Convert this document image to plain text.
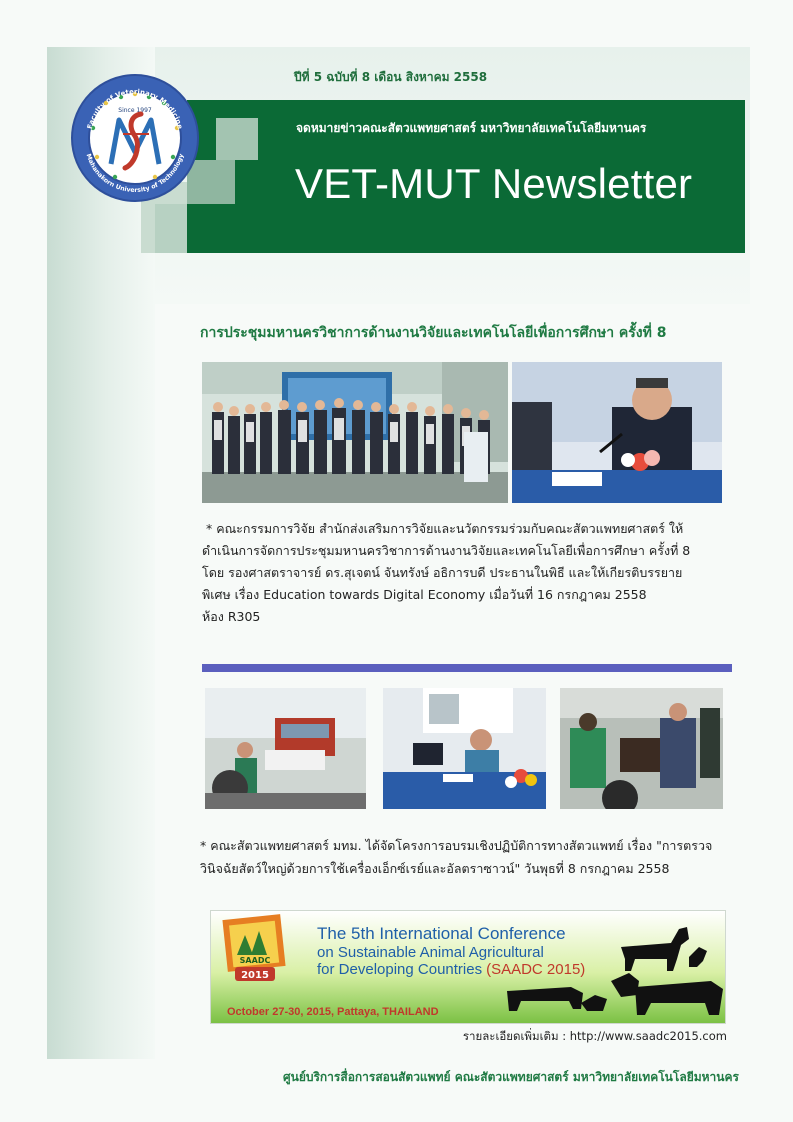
ปีที่ 5 ฉบับที่ 8 เดือน สิงหาคม 2558
จดหมายข่าวคณะสัตวแพทยศาสตร์ มหาวิทยาลัยเทคโนโลยีมหานคร
VET-MUT Newsletter
Faculty of Veterinary Medicine
Mahanakorn University of Technology
Since 1997
การประชุมมหานครวิชาการด้านงานวิจัยและเทคโนโลยีเพื่อการศึกษา ครั้งที่ 8
* คณะกรรมการวิจัย สำนักส่งเสริมการวิจัยและนวัตกรรมร่วมกับคณะสัตวแพทยศาสตร์ ให้
ดำเนินการจัดการประชุมมหานครวิชาการด้านงานวิจัยและเทคโนโลยีเพื่อการศึกษา ครั้งที่ 8
โดย รองศาสตราจารย์ ดร.สุเจตน์ จันทรังษ์ อธิการบดี ประธานในพิธี และให้เกียรติบรรยาย
พิเศษ เรื่อง Education towards Digital Economy เมื่อวันที่ 16 กรกฎาคม 2558
ห้อง R305
* คณะสัตวแพทยศาสตร์ มทม. ได้จัดโครงการอบรมเชิงปฏิบัติการทางสัตวแพทย์ เรื่อง "การตรวจ
วินิจฉัยสัตว์ใหญ่ด้วยการใช้เครื่องเอ็กซ์เรย์และอัลตราซาวน์" วันพุธที่ 8 กรกฎาคม 2558
SAADC
2015
The 5th International Conference
on Sustainable Animal Agricultural
for Developing Countries (SAADC 2015)
October 27-30, 2015, Pattaya, THAILAND
รายละเอียดเพิ่มเติม : http://www.saadc2015.com
ศูนย์บริการสื่อการสอนสัตวแพทย์ คณะสัตวแพทยศาสตร์ มหาวิทยาลัยเทคโนโลยีมหานคร
